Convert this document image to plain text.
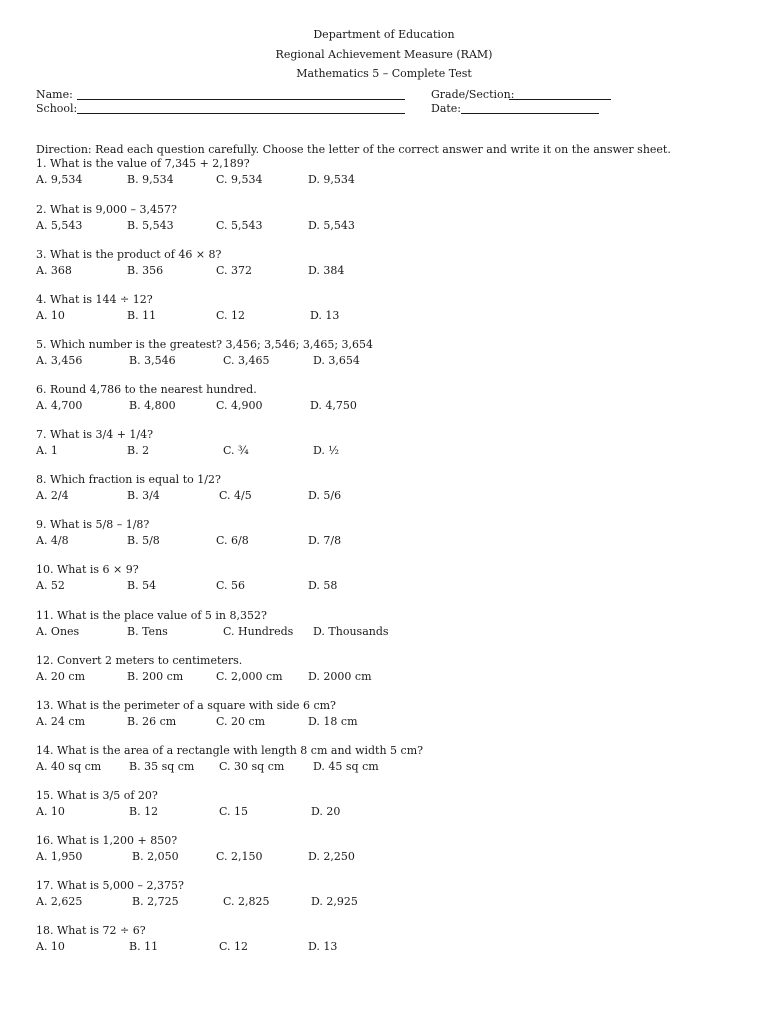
Department of Education
Regional Achievement Measure (RAM)
Mathematics 5 – Complete Test
Name:	Grade/Section:
School:	Date:
Direction: Read each question carefully. Choose the letter of the correct answer and write it on the answer sheet.
1. What is the value of 7,345 + 2,189?
A. 9,534	B. 9,534	C. 9,534	D. 9,534
2. What is 9,000 – 3,457?
A. 5,543	B. 5,543	C. 5,543	D. 5,543
3. What is the product of 46 × 8?
A. 368	B. 356	C. 372	D. 384
4. What is 144 ÷ 12?
A. 10	B. 11	C. 12	D. 13
5. Which number is the greatest? 3,456; 3,546; 3,465; 3,654
A. 3,456	B. 3,546	C. 3,465	D. 3,654
6. Round 4,786 to the nearest hundred.
A. 4,700	B. 4,800	C. 4,900	D. 4,750
7. What is 3/4 + 1/4?
A. 1	B. 2	C. ¾	D. ½
8. Which fraction is equal to 1/2?
A. 2/4	B. 3/4	C. 4/5	D. 5/6
9. What is 5/8 – 1/8?
A. 4/8	B. 5/8	C. 6/8	D. 7/8
10. What is 6 × 9?
A. 52	B. 54	C. 56	D. 58
11. What is the place value of 5 in 8,352?
A. Ones	B. Tens	C. Hundreds D. Thousands
12. Convert 2 meters to centimeters.
A. 20 cm	B. 200 cm	C. 2,000 cm D. 2000 cm
13. What is the perimeter of a square with side 6 cm?
A. 24 cm	B. 26 cm	C. 20 cm	D. 18 cm
14. What is the area of a rectangle with length 8 cm and width 5 cm?
A. 40 sq cm	B. 35 sq cm C. 30 sq cm	D. 45 sq cm
15. What is 3/5 of 20?
A. 10	B. 12	C. 15	D. 20
16. What is 1,200 + 850?
A. 1,950	B. 2,050	C. 2,150	D. 2,250
17. What is 5,000 – 2,375?
A. 2,625	B. 2,725	C. 2,825	D. 2,925
18. What is 72 ÷ 6?
A. 10	B. 11	C. 12	D. 13
